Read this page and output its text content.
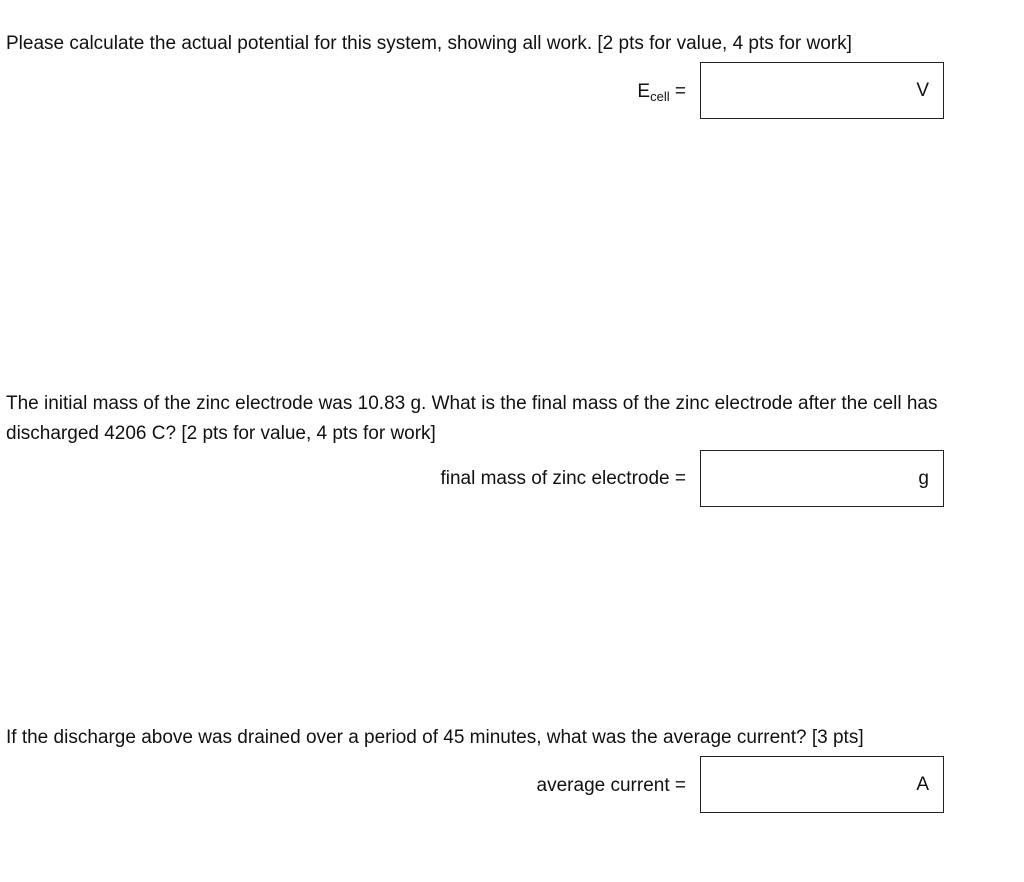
Please calculate the actual potential for this system, showing all work. [2 pts for value, 4 pts for work]

$E_{cell}$ =	V

The initial mass of the zinc electrode was 10.83 g. What is the final mass of the zinc electrode after the cell has discharged 4206 C? [2 pts for value, 4 pts for work]

final mass of zinc electrode =	g

If the discharge above was drained over a period of 45 minutes, what was the average current? [3 pts]

average current =	A
